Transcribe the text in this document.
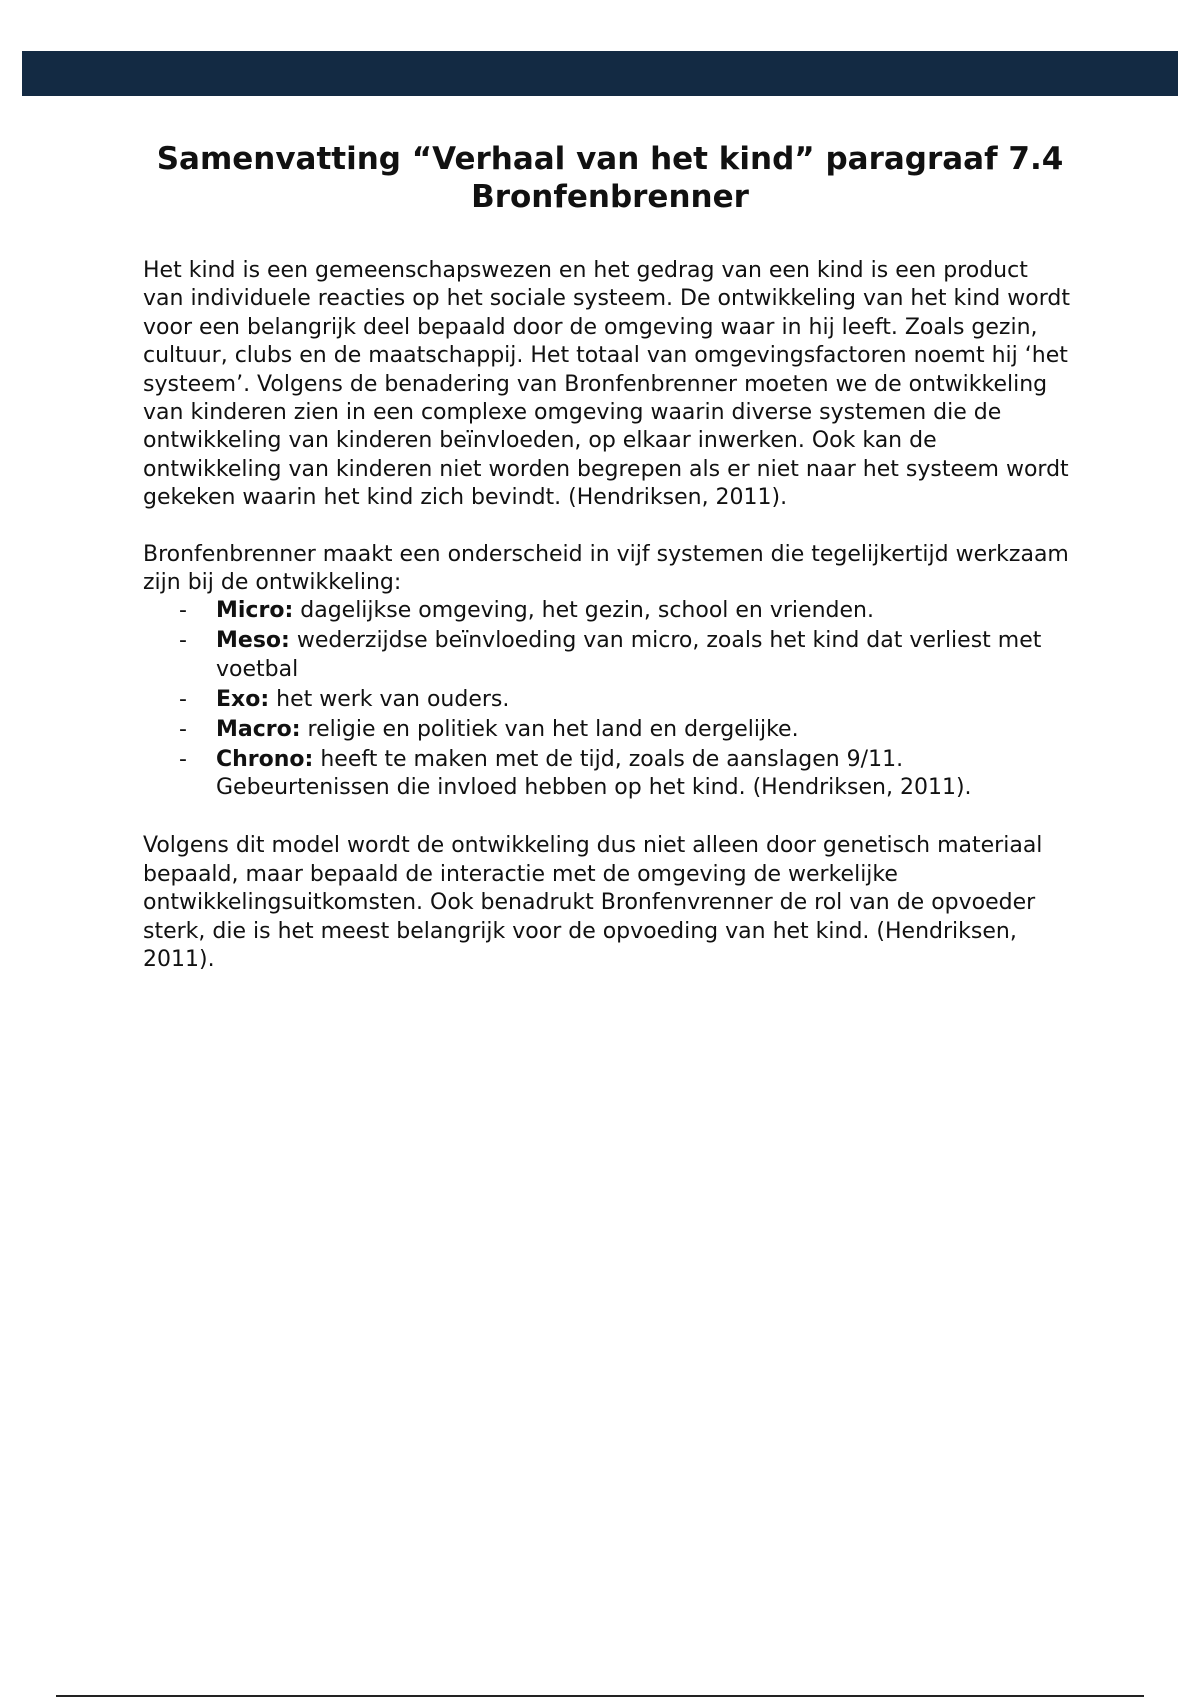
Samenvatting “Verhaal van het kind” paragraaf 7.4 Bronfenbrenner

Het kind is een gemeenschapswezen en het gedrag van een kind is een product van individuele reacties op het sociale systeem. De ontwikkeling van het kind wordt voor een belangrijk deel bepaald door de omgeving waar in hij leeft. Zoals gezin, cultuur, clubs en de maatschappij. Het totaal van omgevingsfactoren noemt hij ‘het systeem’. Volgens de benadering van Bronfenbrenner moeten we de ontwikkeling van kinderen zien in een complexe omgeving waarin diverse systemen die de ontwikkeling van kinderen beïnvloeden, op elkaar inwerken. Ook kan de ontwikkeling van kinderen niet worden begrepen als er niet naar het systeem wordt gekeken waarin het kind zich bevindt. (Hendriksen, 2011).

Bronfenbrenner maakt een onderscheid in vijf systemen die tegelijkertijd werkzaam zijn bij de ontwikkeling:

- Micro: dagelijkse omgeving, het gezin, school en vrienden.
- Meso: wederzijdse beïnvloeding van micro, zoals het kind dat verliest met voetbal
- Exo: het werk van ouders.
- Macro: religie en politiek van het land en dergelijke.
- Chrono: heeft te maken met de tijd, zoals de aanslagen 9/11. Gebeurtenissen die invloed hebben op het kind. (Hendriksen, 2011).

Volgens dit model wordt de ontwikkeling dus niet alleen door genetisch materiaal bepaald, maar bepaald de interactie met de omgeving de werkelijke ontwikkelingsuitkomsten. Ook benadrukt Bronfenvrenner de rol van de opvoeder sterk, die is het meest belangrijk voor de opvoeding van het kind. (Hendriksen, 2011).
